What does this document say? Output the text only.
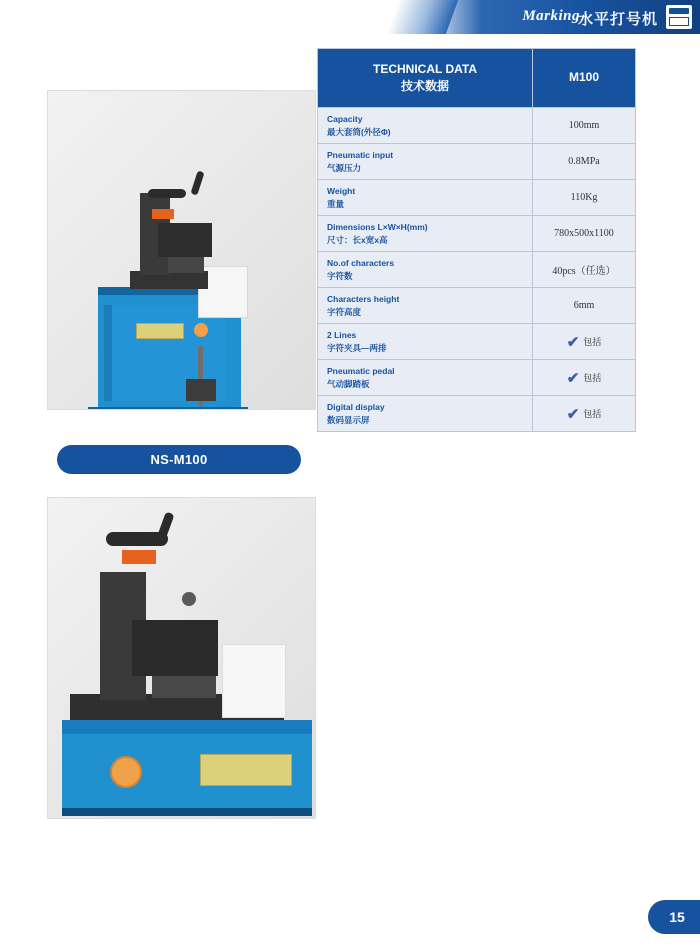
Marking
水平打号机
NS-M100
TECHNICAL DATA
技术数据	M100

Capacity
最大套筒(外径Φ)	100mm

Pneumatic input
气源压力	0.8MPa

Weight
重量	110Kg

Dimensions L×W×H(mm)
尺寸：长x宽x高	780x500x1100

No.of characters
字符数	40pcs（任选）

Characters height
字符高度	6mm

2 Lines
字符夹具—两排	✔ 包括

Pneumatic pedal
气动脚踏板	✔ 包括

Digital display
数码显示屏	✔ 包括
15
